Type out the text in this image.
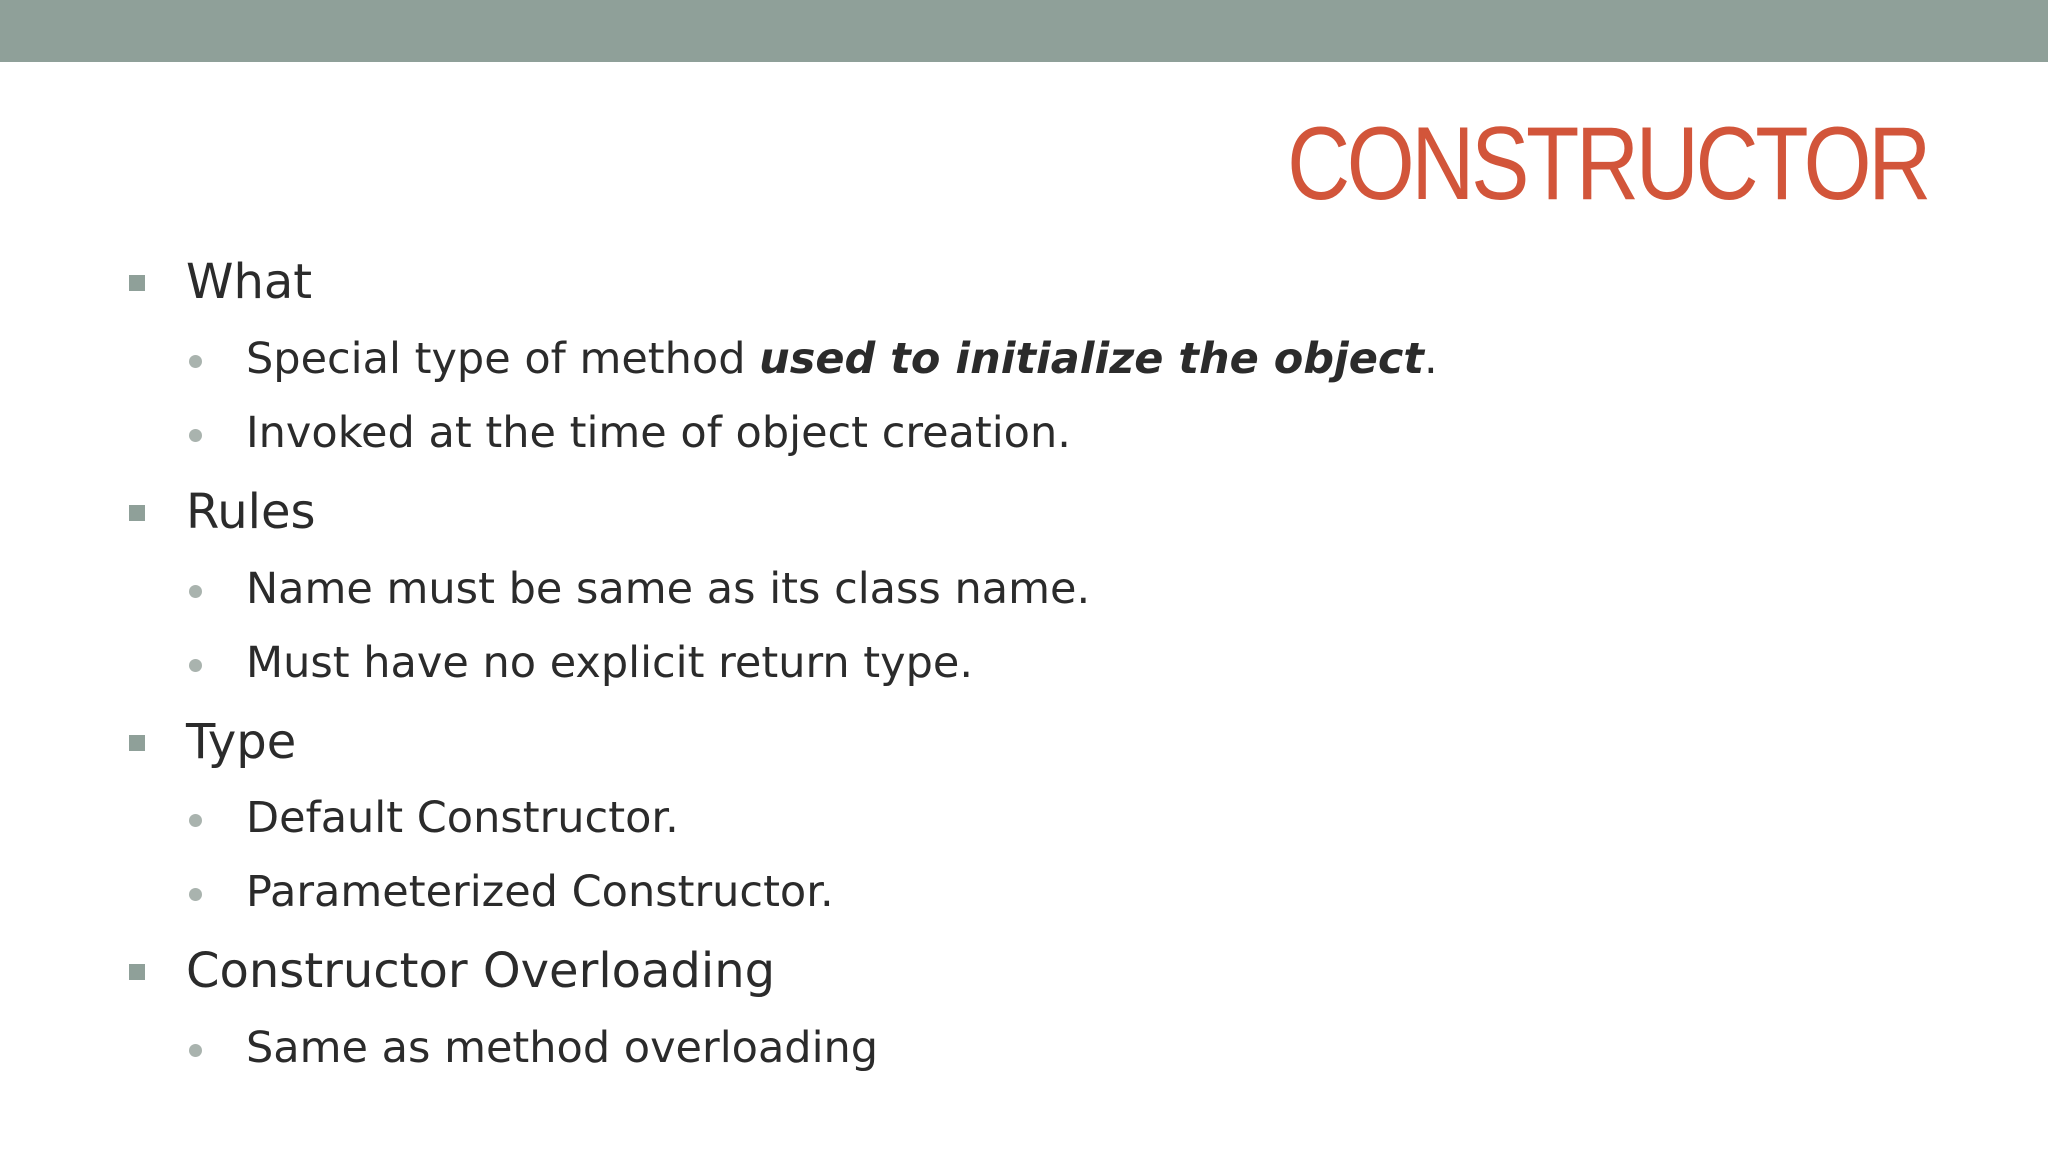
CONSTRUCTOR
What
Special type of method used to initialize the object.
Invoked at the time of object creation.
Rules
Name must be same as its class name.
Must have no explicit return type.
Type
Default Constructor.
Parameterized Constructor.
Constructor Overloading
Same as method overloading
